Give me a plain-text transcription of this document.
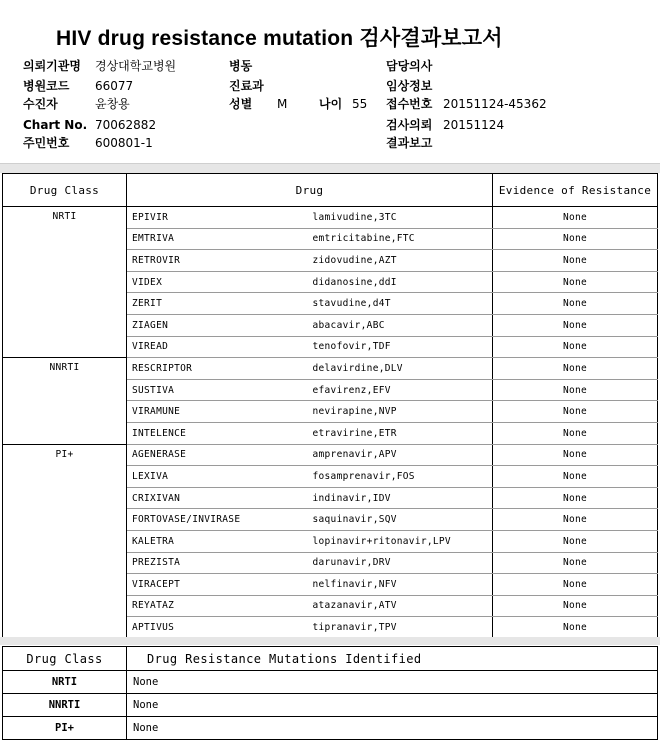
HIV drug resistance mutation 검사결과보고서
의뢰기관명 경상대학교병원
병원코드 66077
수진자	윤창용
Chart No. 70062882
주민번호 600801-1
병동
진료과
성별 M	나이 55
담당의사
임상정보
접수번호 20151124-45362
검사의뢰 20151124
결과보고
Drug Class	Drug		Evidence of Resistance
NRTI	EPIVIR	lamivudine,3TC	None
	EMTRIVA	emtricitabine,FTC	None
	RETROVIR	zidovudine,AZT	None
	VIDEX	didanosine,ddI	None
	ZERIT	stavudine,d4T	None
	ZIAGEN	abacavir,ABC	None
	VIREAD	tenofovir,TDF	None
NNRTI	RESCRIPTOR	delavirdine,DLV	None
	SUSTIVA	efavirenz,EFV	None
	VIRAMUNE	nevirapine,NVP	None
	INTELENCE	etravirine,ETR	None
PI+	AGENERASE	amprenavir,APV	None
	LEXIVA	fosamprenavir,FOS	None
	CRIXIVAN	indinavir,IDV	None
	FORTOVASE/INVIRASE	saquinavir,SQV	None
	KALETRA	lopinavir+ritonavir,LPV	None
	PREZISTA	darunavir,DRV	None
	VIRACEPT	nelfinavir,NFV	None
	REYATAZ	atazanavir,ATV	None
	APTIVUS	tipranavir,TPV	None
Drug Class	Drug Resistance Mutations Identified
NRTI	None
NNRTI	None
PI+	None
